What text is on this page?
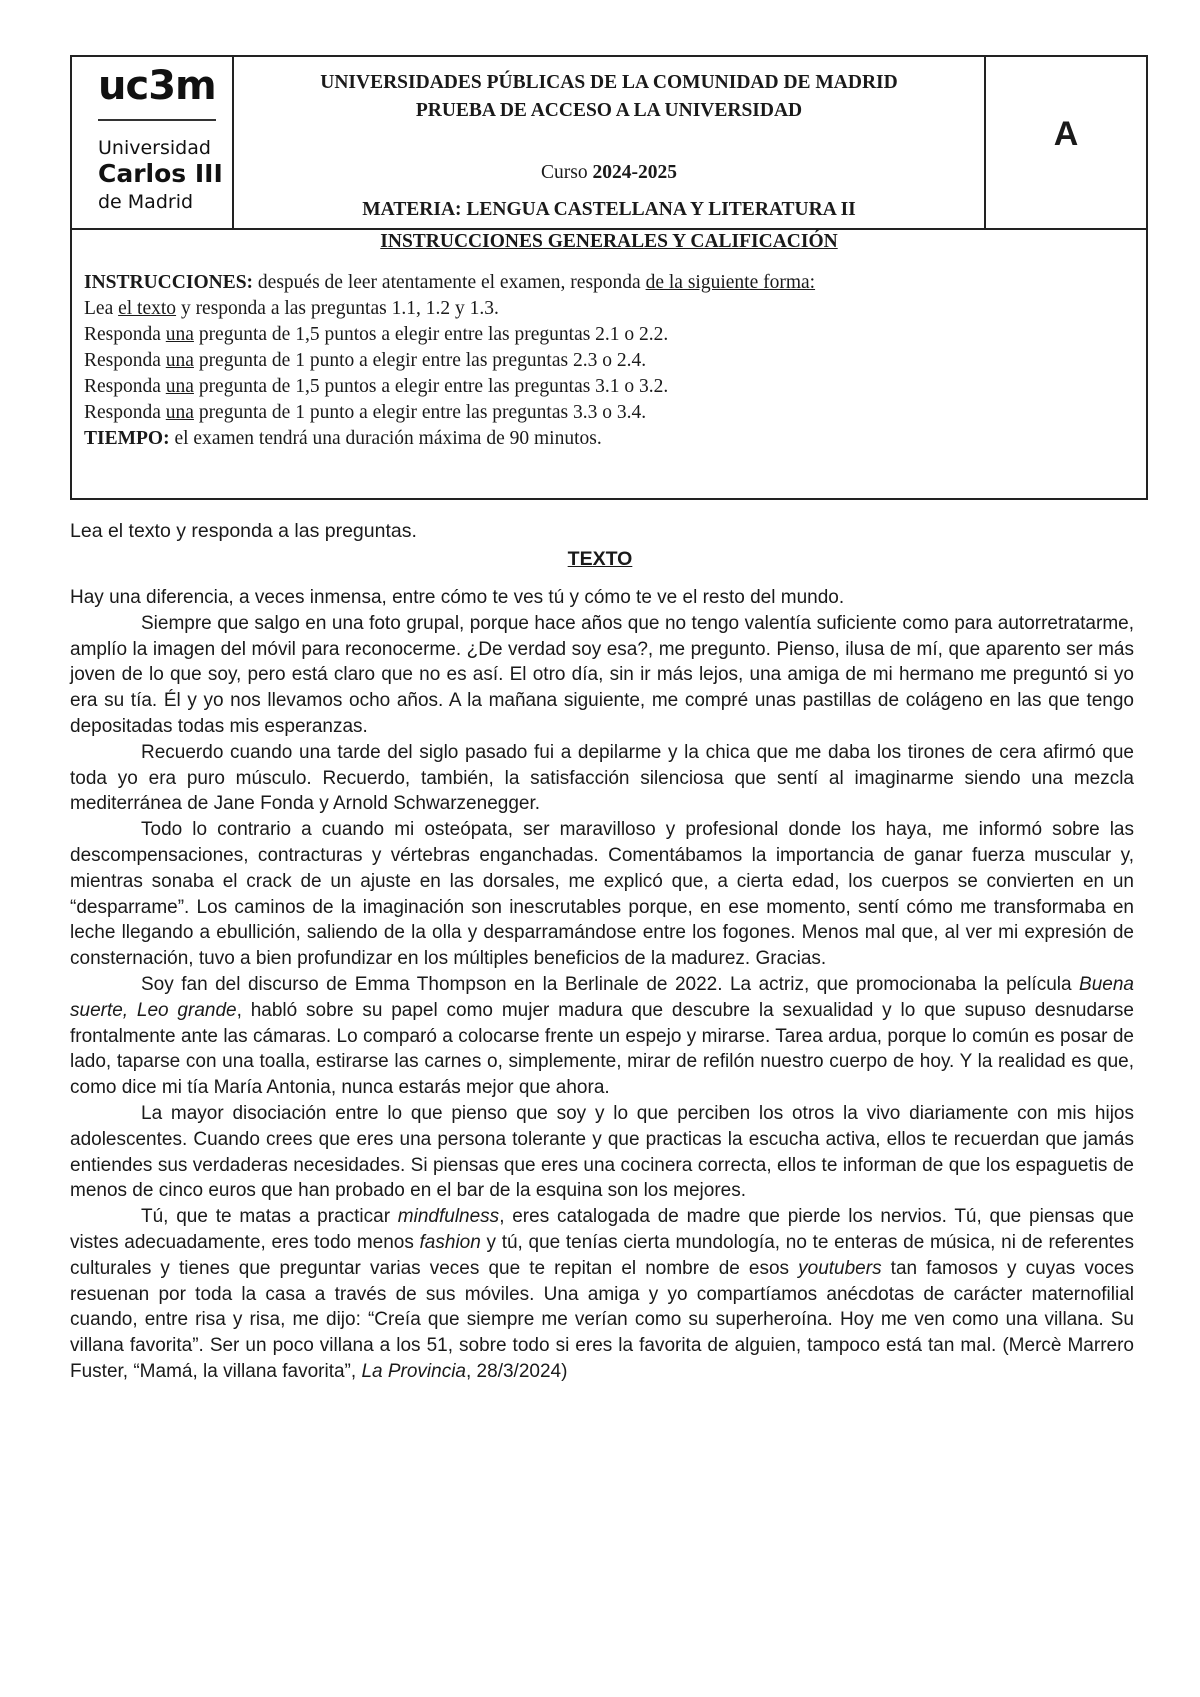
uc3m
Universidad
Carlos III
de Madrid
UNIVERSIDADES PÚBLICAS DE LA COMUNIDAD DE MADRID
PRUEBA DE ACCESO A LA UNIVERSIDAD
Curso 2024-2025
MATERIA: LENGUA CASTELLANA Y LITERATURA II
A
INSTRUCCIONES GENERALES Y CALIFICACIÓN
INSTRUCCIONES: después de leer atentamente el examen, responda de la siguiente forma:
Lea el texto y responda a las preguntas 1.1, 1.2 y 1.3.
Responda una pregunta de 1,5 puntos a elegir entre las preguntas 2.1 o 2.2.
Responda una pregunta de 1 punto a elegir entre las preguntas 2.3 o 2.4.
Responda una pregunta de 1,5 puntos a elegir entre las preguntas 3.1 o 3.2.
Responda una pregunta de 1 punto a elegir entre las preguntas 3.3 o 3.4.
TIEMPO: el examen tendrá una duración máxima de 90 minutos.
Lea el texto y responda a las preguntas.
TEXTO

Hay una diferencia, a veces inmensa, entre cómo te ves tú y cómo te ve el resto del mundo.

Siempre que salgo en una foto grupal, porque hace años que no tengo valentía suficiente como para autorretratarme, amplío la imagen del móvil para reconocerme. ¿De verdad soy esa?, me pregunto. Pienso, ilusa de mí, que aparento ser más joven de lo que soy, pero está claro que no es así. El otro día, sin ir más lejos, una amiga de mi hermano me preguntó si yo era su tía. Él y yo nos llevamos ocho años. A la mañana siguiente, me compré unas pastillas de colágeno en las que tengo depositadas todas mis esperanzas.

Recuerdo cuando una tarde del siglo pasado fui a depilarme y la chica que me daba los tirones de cera afirmó que toda yo era puro músculo. Recuerdo, también, la satisfacción silenciosa que sentí al imaginarme siendo una mezcla mediterránea de Jane Fonda y Arnold Schwarzenegger.

Todo lo contrario a cuando mi osteópata, ser maravilloso y profesional donde los haya, me informó sobre las descompensaciones, contracturas y vértebras enganchadas. Comentábamos la importancia de ganar fuerza muscular y, mientras sonaba el crack de un ajuste en las dorsales, me explicó que, a cierta edad, los cuerpos se convierten en un “desparrame”. Los caminos de la imaginación son inescrutables porque, en ese momento, sentí cómo me transformaba en leche llegando a ebullición, saliendo de la olla y desparramándose entre los fogones. Menos mal que, al ver mi expresión de consternación, tuvo a bien profundizar en los múltiples beneficios de la madurez. Gracias.

Soy fan del discurso de Emma Thompson en la Berlinale de 2022. La actriz, que promocionaba la película Buena suerte, Leo grande, habló sobre su papel como mujer madura que descubre la sexualidad y lo que supuso desnudarse frontalmente ante las cámaras. Lo comparó a colocarse frente un espejo y mirarse. Tarea ardua, porque lo común es posar de lado, taparse con una toalla, estirarse las carnes o, simplemente, mirar de refilón nuestro cuerpo de hoy. Y la realidad es que, como dice mi tía María Antonia, nunca estarás mejor que ahora.

La mayor disociación entre lo que pienso que soy y lo que perciben los otros la vivo diariamente con mis hijos adolescentes. Cuando crees que eres una persona tolerante y que practicas la escucha activa, ellos te recuerdan que jamás entiendes sus verdaderas necesidades. Si piensas que eres una cocinera correcta, ellos te informan de que los espaguetis de menos de cinco euros que han probado en el bar de la esquina son los mejores.

Tú, que te matas a practicar mindfulness, eres catalogada de madre que pierde los nervios. Tú, que piensas que vistes adecuadamente, eres todo menos fashion y tú, que tenías cierta mundología, no te enteras de música, ni de referentes culturales y tienes que preguntar varias veces que te repitan el nombre de esos youtubers tan famosos y cuyas voces resuenan por toda la casa a través de sus móviles. Una amiga y yo compartíamos anécdotas de carácter maternofilial cuando, entre risa y risa, me dijo: “Creía que siempre me verían como su superheroína. Hoy me ven como una villana. Su villana favorita”. Ser un poco villana a los 51, sobre todo si eres la favorita de alguien, tampoco está tan mal. (Mercè Marrero Fuster, “Mamá, la villana favorita”, La Provincia, 28/3/2024)
